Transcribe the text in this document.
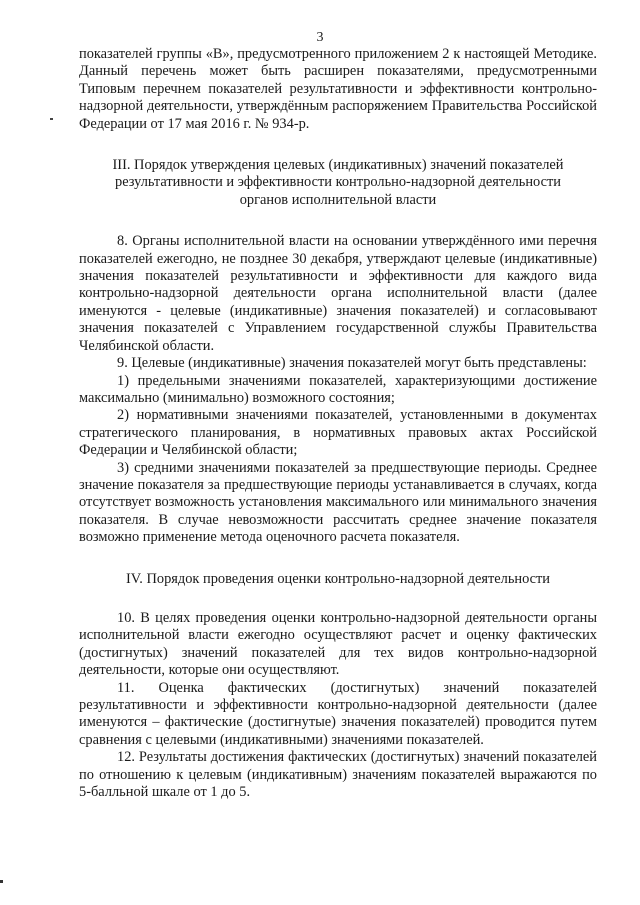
3

показателей группы «В», предусмотренного приложением 2 к настоящей Методике. Данный перечень может быть расширен показателями, предусмотренными Типовым перечнем показателей результативности и эффективности контрольно-надзорной деятельности, утверждённым распоряжением Правительства Российской Федерации от 17 мая 2016 г. № 934-р.

III. Порядок утверждения целевых (индикативных) значений показателей
результативности и эффективности контрольно-надзорной деятельности
органов исполнительной власти

8. Органы исполнительной власти на основании утверждённого ими перечня показателей ежегодно, не позднее 30 декабря, утверждают целевые (индикативные) значения показателей результативности и эффективности для каждого вида контрольно-надзорной деятельности органа исполнительной власти (далее именуются - целевые (индикативные) значения показателей) и согласовывают значения показателей с Управлением государственной службы Правительства Челябинской области.

9. Целевые (индикативные) значения показателей могут быть представлены:

1) предельными значениями показателей, характеризующими достижение максимально (минимально) возможного состояния;

2) нормативными значениями показателей, установленными в документах стратегического планирования, в нормативных правовых актах Российской Федерации и Челябинской области;

3) средними значениями показателей за предшествующие периоды. Среднее значение показателя за предшествующие периоды устанавливается в случаях, когда отсутствует возможность установления максимального или минимального значения показателя. В случае невозможности рассчитать среднее значение показателя возможно применение метода оценочного расчета показателя.

IV. Порядок проведения оценки контрольно-надзорной деятельности

10. В целях проведения оценки контрольно-надзорной деятельности органы исполнительной власти ежегодно осуществляют расчет и оценку фактических (достигнутых) значений показателей для тех видов контрольно-надзорной деятельности, которые они осуществляют.

11. Оценка фактических (достигнутых) значений показателей результативности и эффективности контрольно-надзорной деятельности (далее именуются – фактические (достигнутые) значения показателей) проводится путем сравнения с целевыми (индикативными) значениями показателей.

12. Результаты достижения фактических (достигнутых) значений показателей по отношению к целевым (индикативным) значениям показателей выражаются по 5-балльной шкале от 1 до 5.
